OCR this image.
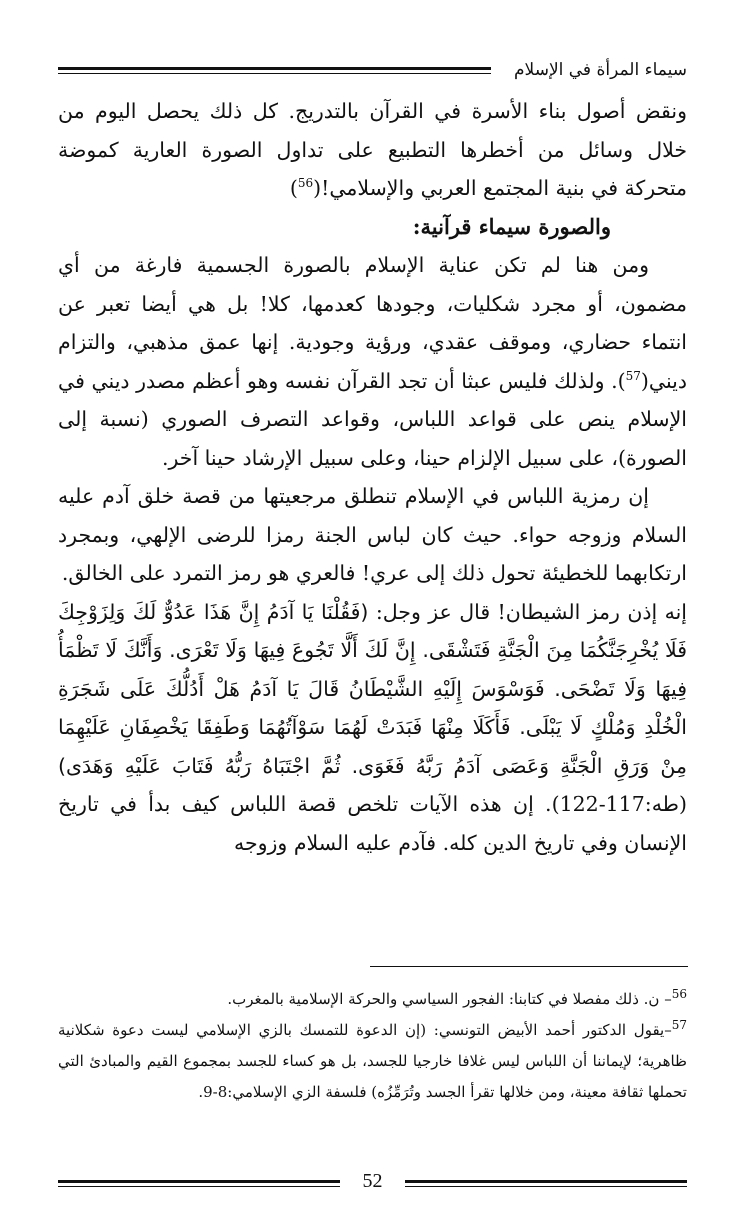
سيماء المرأة في الإسلام

ونقض أصول بناء الأسرة في القرآن بالتدريج. كل ذلك يحصل اليوم من خلال وسائل من أخطرها التطبيع على تداول الصورة العارية كموضة متحركة في بنية المجتمع العربي والإسلامي!($^{56}$)

والصورة سيماء قرآنية:

ومن هنا لم تكن عناية الإسلام بالصورة الجسمية فارغة من أي مضمون، أو مجرد شكليات، وجودها كعدمها، كلا! بل هي أيضا تعبر عن انتماء حضاري، وموقف عقدي، ورؤية وجودية. إنها عمق مذهبي، والتزام ديني($^{57}$). ولذلك فليس عبثا أن تجد القرآن نفسه وهو أعظم مصدر ديني في الإسلام ينص على قواعد اللباس، وقواعد التصرف الصوري (نسبة إلى الصورة)، على سبيل الإلزام حينا، وعلى سبيل الإرشاد حينا آخر.

إن رمزية اللباس في الإسلام تنطلق مرجعيتها من قصة خلق آدم عليه السلام وزوجه حواء. حيث كان لباس الجنة رمزا للرضى الإلهي، وبمجرد ارتكابهما للخطيئة تحول ذلك إلى عري! فالعري هو رمز التمرد على الخالق.

إنه إذن رمز الشيطان! قال عز وجل: (فَقُلْنَا يَا آدَمُ إِنَّ هَذَا عَدُوٌّ لَكَ وَلِزَوْجِكَ فَلَا يُخْرِجَنَّكُمَا مِنَ الْجَنَّةِ فَتَشْقَى. إِنَّ لَكَ أَلَّا تَجُوعَ فِيهَا وَلَا تَعْرَى. وَأَنَّكَ لَا تَظْمَأُ فِيهَا وَلَا تَضْحَى. فَوَسْوَسَ إِلَيْهِ الشَّيْطَانُ قَالَ يَا آدَمُ هَلْ أَدُلُّكَ عَلَى شَجَرَةِ الْخُلْدِ وَمُلْكٍ لَا يَبْلَى. فَأَكَلَا مِنْهَا فَبَدَتْ لَهُمَا سَوْآتُهُمَا وَطَفِقَا يَخْصِفَانِ عَلَيْهِمَا مِنْ وَرَقِ الْجَنَّةِ وَعَصَى آدَمُ رَبَّهُ فَغَوَى. ثُمَّ اجْتَبَاهُ رَبُّهُ فَتَابَ عَلَيْهِ وَهَدَى)(طه:117-122). إن هذه الآيات تلخص قصة اللباس كيف بدأ في تاريخ الإنسان وفي تاريخ الدين كله. فآدم عليه السلام وزوجه

$^{56}$– ن. ذلك مفصلا في كتابنا: الفجور السياسي والحركة الإسلامية بالمغرب.

$^{57}$–يقول الدكتور أحمد الأبيض التونسي: (إن الدعوة للتمسك بالزي الإسلامي ليست دعوة شكلانية ظاهرية؛ لإيماننا أن اللباس ليس غلافا خارجيا للجسد، بل هو كساء للجسد بمجموع القيم والمبادئ التي تحملها ثقافة معينة، ومن خلالها تقرأ الجسد وتُرَمِّزُه) فلسفة الزي الإسلامي:8-9.

52
